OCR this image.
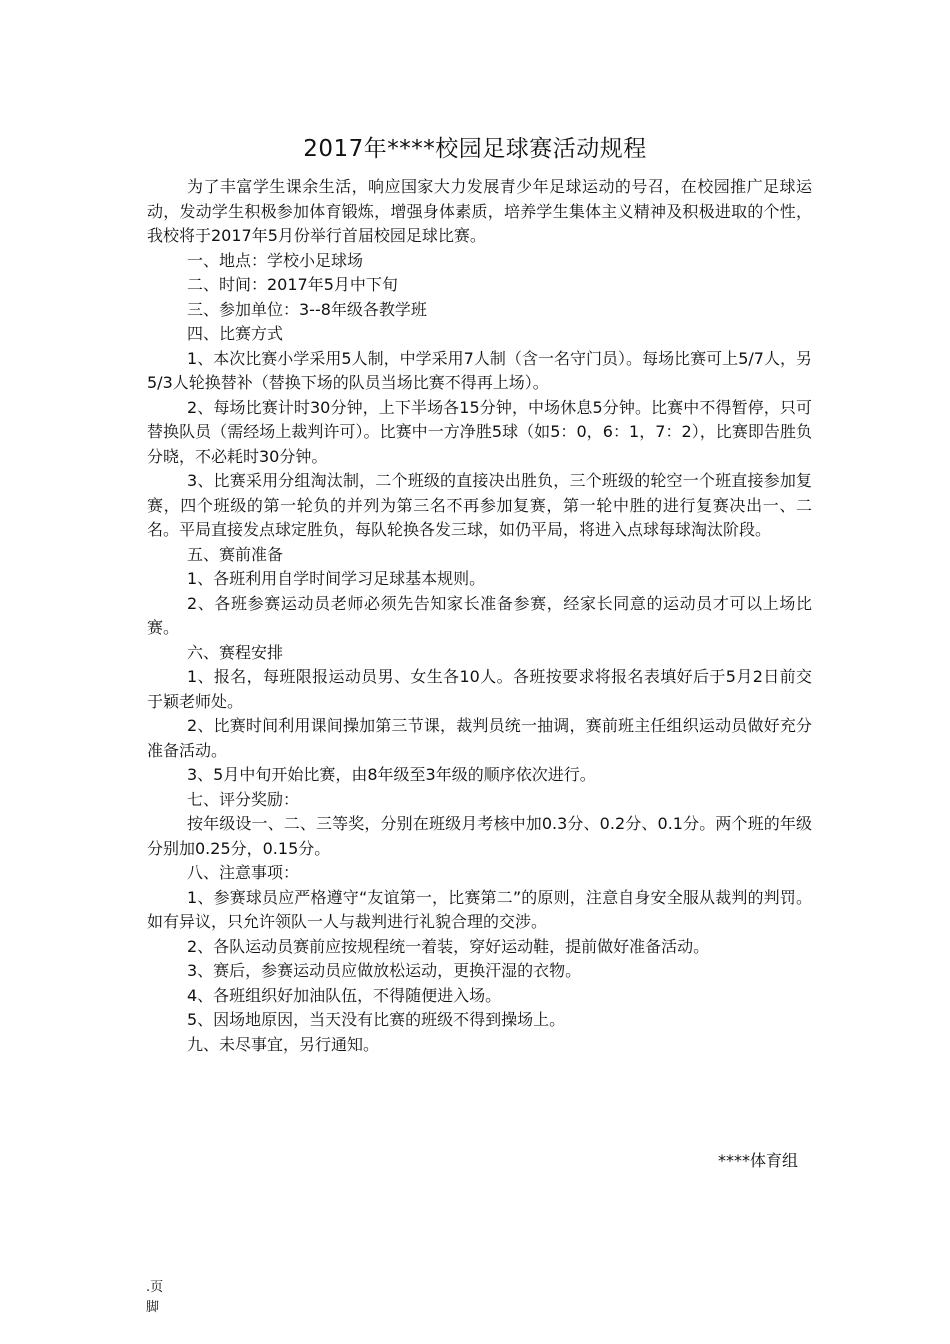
2017年****校园足球赛活动规程

为了丰富学生课余生活，响应国家大力发展青少年足球运动的号召，在校园推广足球运动，发动学生积极参加体育锻炼，增强身体素质，培养学生集体主义精神及积极进取的个性，我校将于2017年5月份举行首届校园足球比赛。

一、地点：学校小足球场

二、时间：2017年5月中下旬

三、参加单位：3--8年级各教学班

四、比赛方式

1、本次比赛小学采用5人制，中学采用7人制（含一名守门员）。每场比赛可上5/7人，另5/3人轮换替补（替换下场的队员当场比赛不得再上场）。

2、每场比赛计时30分钟，上下半场各15分钟，中场休息5分钟。比赛中不得暂停，只可替换队员（需经场上裁判许可）。比赛中一方净胜5球（如5：0，6：1，7：2），比赛即告胜负分晓，不必耗时30分钟。

3、比赛采用分组淘汰制，二个班级的直接决出胜负，三个班级的轮空一个班直接参加复赛，四个班级的第一轮负的并列为第三名不再参加复赛，第一轮中胜的进行复赛决出一、二名。平局直接发点球定胜负，每队轮换各发三球，如仍平局，将进入点球每球淘汰阶段。

五、赛前准备

1、各班利用自学时间学习足球基本规则。

2、各班参赛运动员老师必须先告知家长准备参赛，经家长同意的运动员才可以上场比赛。

六、赛程安排

1、报名，每班限报运动员男、女生各10人。各班按要求将报名表填好后于5月2日前交于颖老师处。

2、比赛时间利用课间操加第三节课，裁判员统一抽调，赛前班主任组织运动员做好充分准备活动。

3、5月中旬开始比赛，由8年级至3年级的顺序依次进行。

七、评分奖励：

按年级设一、二、三等奖，分别在班级月考核中加0.3分、0.2分、0.1分。两个班的年级分别加0.25分，0.15分。

八、注意事项：

1、参赛球员应严格遵守“友谊第一，比赛第二”的原则，注意自身安全服从裁判的判罚。如有异议，只允许领队一人与裁判进行礼貌合理的交涉。

2、各队运动员赛前应按规程统一着装，穿好运动鞋，提前做好准备活动。

3、赛后，参赛运动员应做放松运动，更换汗湿的衣物。

4、各班组织好加油队伍，不得随便进入场。

5、因场地原因，当天没有比赛的班级不得到操场上。

九、未尽事宜，另行通知。

****体育组
.页
脚
